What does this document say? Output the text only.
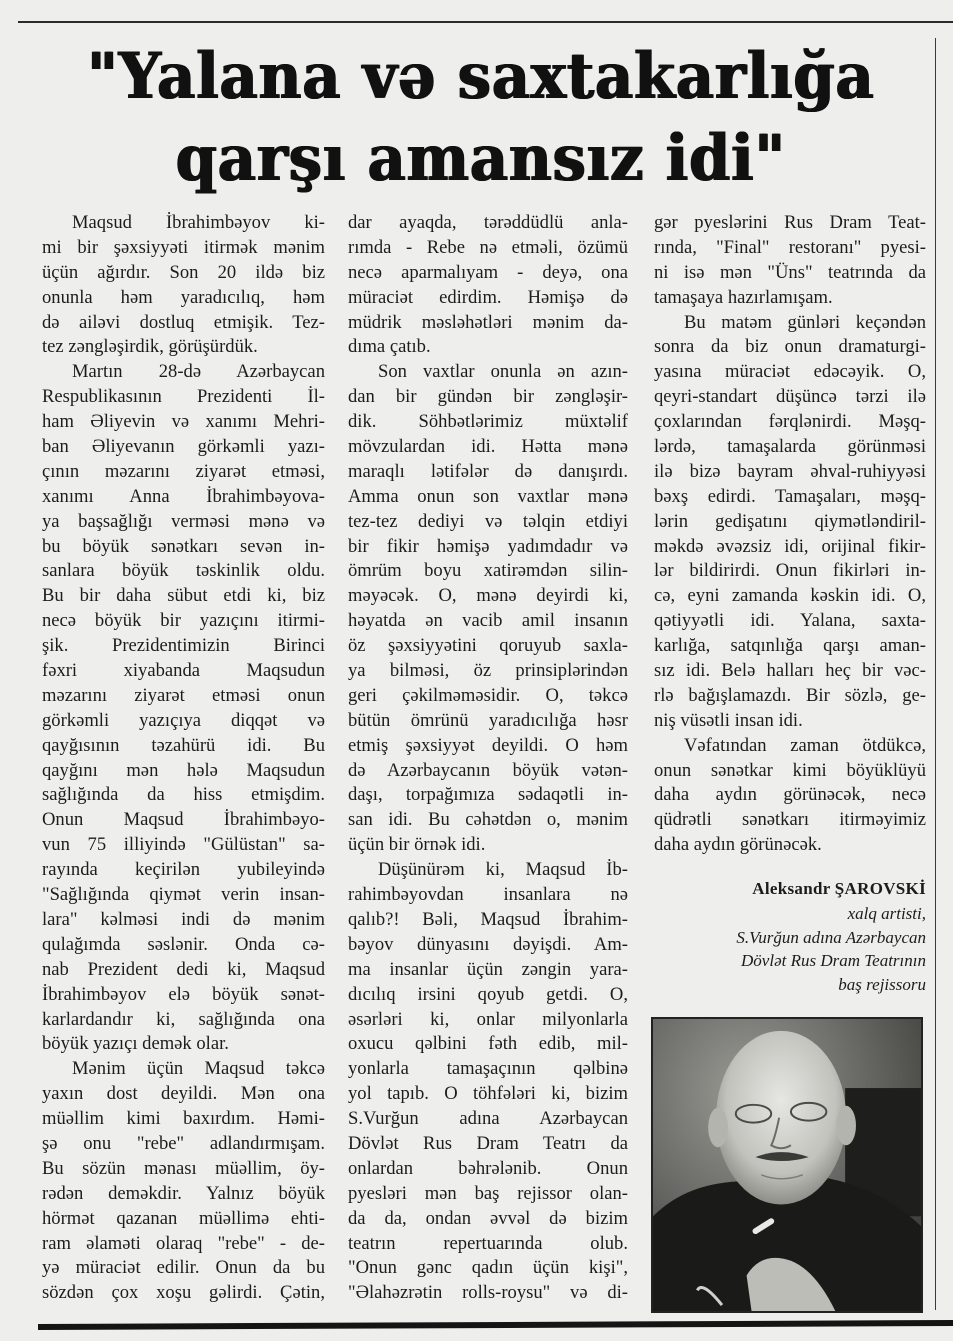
"Yalana və saxtakarlığa
qarşı amansız idi"
Maqsud İbrahimbəyov ki-
mi bir şəxsiyyəti itirmək mənim
üçün ağırdır. Son 20 ildə biz
onunla həm yaradıcılıq, həm
də ailəvi dostluq etmişik. Tez-
tez zəngləşirdik, görüşürdük.
Martın 28-də Azərbaycan
Respublikasının Prezidenti İl-
ham Əliyevin və xanımı Mehri-
ban Əliyevanın görkəmli yazı-
çının məzarını ziyarət etməsi,
xanımı Anna İbrahimbəyova-
ya başsağlığı verməsi mənə və
bu böyük sənətkarı sevən in-
sanlara böyük təskinlik oldu.
Bu bir daha sübut etdi ki, biz
necə böyük bir yazıçını itirmi-
şik. Prezidentimizin Birinci
fəxri xiyabanda Maqsudun
məzarını ziyarət etməsi onun
görkəmli yazıçıya diqqət və
qayğısının təzahürü idi. Bu
qayğını mən hələ Maqsudun
sağlığında da hiss etmişdim.
Onun Maqsud İbrahimbəyo-
vun 75 illiyində "Gülüstan" sa-
rayında keçirilən yubileyində
"Sağlığında qiymət verin insan-
lara" kəlməsi indi də mənim
qulağımda səslənir. Onda cə-
nab Prezident dedi ki, Maqsud
İbrahimbəyov elə böyük sənət-
karlardandır ki, sağlığında ona
böyük yazıçı demək olar.
Mənim üçün Maqsud təkcə
yaxın dost deyildi. Mən ona
müəllim kimi baxırdım. Həmi-
şə onu "rebe" adlandırmışam.
Bu sözün mənası müəllim, öy-
rədən deməkdir. Yalnız böyük
hörmət qazanan müəllimə ehti-
ram əlaməti olaraq "rebe" - de-
yə müraciət edilir. Onun da bu
sözdən çox xoşu gəlirdi. Çətin,
dar ayaqda, tərəddüdlü anla-
rımda - Rebe nə etməli, özümü
necə aparmalıyam - deyə, ona
müraciət edirdim. Həmişə də
müdrik məsləhətləri mənim da-
dıma çatıb.
Son vaxtlar onunla ən azın-
dan bir gündən bir zəngləşir-
dik. Söhbətlərimiz müxtəlif
mövzulardan idi. Hətta mənə
maraqlı lətifələr də danışırdı.
Amma onun son vaxtlar mənə
tez-tez dediyi və təlqin etdiyi
bir fikir həmişə yadımdadır və
ömrüm boyu xatirəmdən silin-
məyəcək. O, mənə deyirdi ki,
həyatda ən vacib amil insanın
öz şəxsiyyətini qoruyub saxla-
ya bilməsi, öz prinsiplərindən
geri çəkilməməsidir. O, təkcə
bütün ömrünü yaradıcılığa həsr
etmiş şəxsiyyət deyildi. O həm
də Azərbaycanın böyük vətən-
daşı, torpağımıza sədaqətli in-
san idi. Bu cəhətdən o, mənim
üçün bir örnək idi.
Düşünürəm ki, Maqsud İb-
rahimbəyovdan insanlara nə
qalıb?! Bəli, Maqsud İbrahim-
bəyov dünyasını dəyişdi. Am-
ma insanlar üçün zəngin yara-
dıcılıq irsini qoyub getdi. O,
əsərləri ki, onlar milyonlarla
oxucu qəlbini fəth edib, mil-
yonlarla tamaşaçının qəlbinə
yol tapıb. O töhfələri ki, bizim
S.Vurğun adına Azərbaycan
Dövlət Rus Dram Teatrı da
onlardan bəhrələnib. Onun
pyesləri mən baş rejissor olan-
da da, ondan əvvəl də bizim
teatrın repertuarında olub.
"Onun gənc qadın üçün kişi",
"Əlahəzrətin rolls-roysu" və di-
gər pyeslərini Rus Dram Teat-
rında, "Final" restoranı" pyesi-
ni isə mən "Üns" teatrında da
tamaşaya hazırlamışam.
Bu matəm günləri keçəndən
sonra da biz onun dramaturgi-
yasına müraciət edəcəyik. O,
qeyri-standart düşüncə tərzi ilə
çoxlarından fərqlənirdi. Məşq-
lərdə, tamaşalarda görünməsi
ilə bizə bayram əhval-ruhiyyəsi
bəxş edirdi. Tamaşaları, məşq-
lərin gedişatını qiymətləndiril-
məkdə əvəzsiz idi, orijinal fikir-
lər bildirirdi. Onun fikirləri in-
cə, eyni zamanda kəskin idi. O,
qətiyyətli idi. Yalana, saxta-
karlığa, satqınlığa qarşı aman-
sız idi. Belə halları heç bir vəc-
rlə bağışlamazdı. Bir sözlə, ge-
niş vüsətli insan idi.
Vəfatından zaman ötdükcə,
onun sənətkar kimi böyüklüyü
daha aydın görünəcək, necə
qüdrətli sənətkarı itirməyimiz
daha aydın görünəcək.
Aleksandr ŞAROVSKİ
xalq artisti,
S.Vurğun adına Azərbaycan
Dövlət Rus Dram Teatrının
baş rejissoru
